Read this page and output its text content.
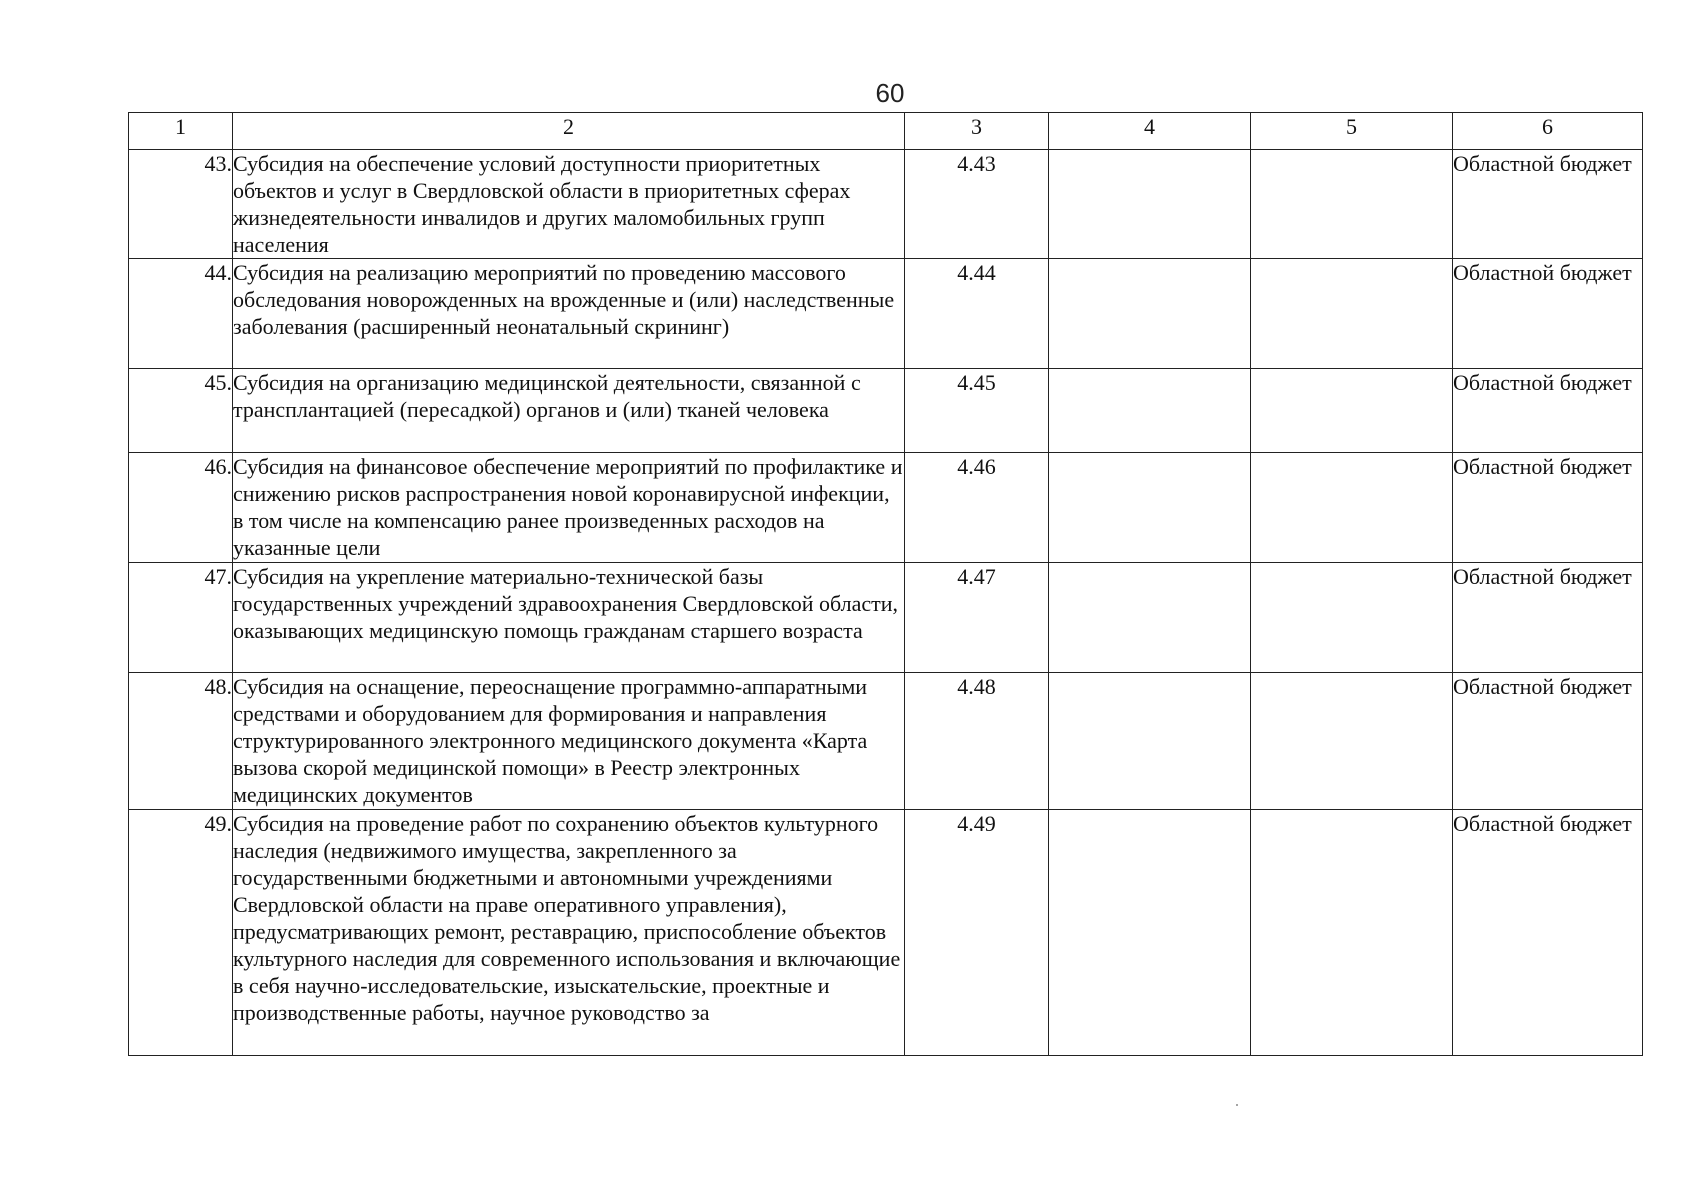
60
1	2	3	4	5	6
43.	Субсидия на обеспечение условий доступности приоритетных объектов и услуг в Свердловской области в приоритетных сферах жизнедеятельности инвалидов и других маломобильных групп населения	4.43			Областной бюджет
44.	Субсидия на реализацию мероприятий по проведению массового обследования новорожденных на врожденные и (или) наследственные заболевания (расширенный неонатальный скрининг)	4.44			Областной бюджет
45.	Субсидия на организацию медицинской деятельности, связанной с трансплантацией (пересадкой) органов и (или) тканей человека	4.45			Областной бюджет
46.	Субсидия на финансовое обеспечение мероприятий по профилактике и снижению рисков распространения новой коронавирусной инфекции, в том числе на компенсацию ранее произведенных расходов на указанные цели	4.46			Областной бюджет
47.	Субсидия на укрепление материально-технической базы государственных учреждений здравоохранения Свердловской области, оказывающих медицинскую помощь гражданам старшего возраста	4.47			Областной бюджет
48.	Субсидия на оснащение, переоснащение программно-аппаратными средствами и оборудованием для формирования и направления структурированного электронного медицинского документа «Карта вызова скорой медицинской помощи» в Реестр электронных медицинских документов	4.48			Областной бюджет
49.	Субсидия на проведение работ по сохранению объектов культурного наследия (недвижимого имущества, закрепленного за государственными бюджетными и автономными учреждениями Свердловской области на праве оперативного управления), предусматривающих ремонт, реставрацию, приспособление объектов культурного наследия для современного использования и включающие в себя научно-исследовательские, изыскательские, проектные и производственные работы, научное руководство за	4.49			Областной бюджет
